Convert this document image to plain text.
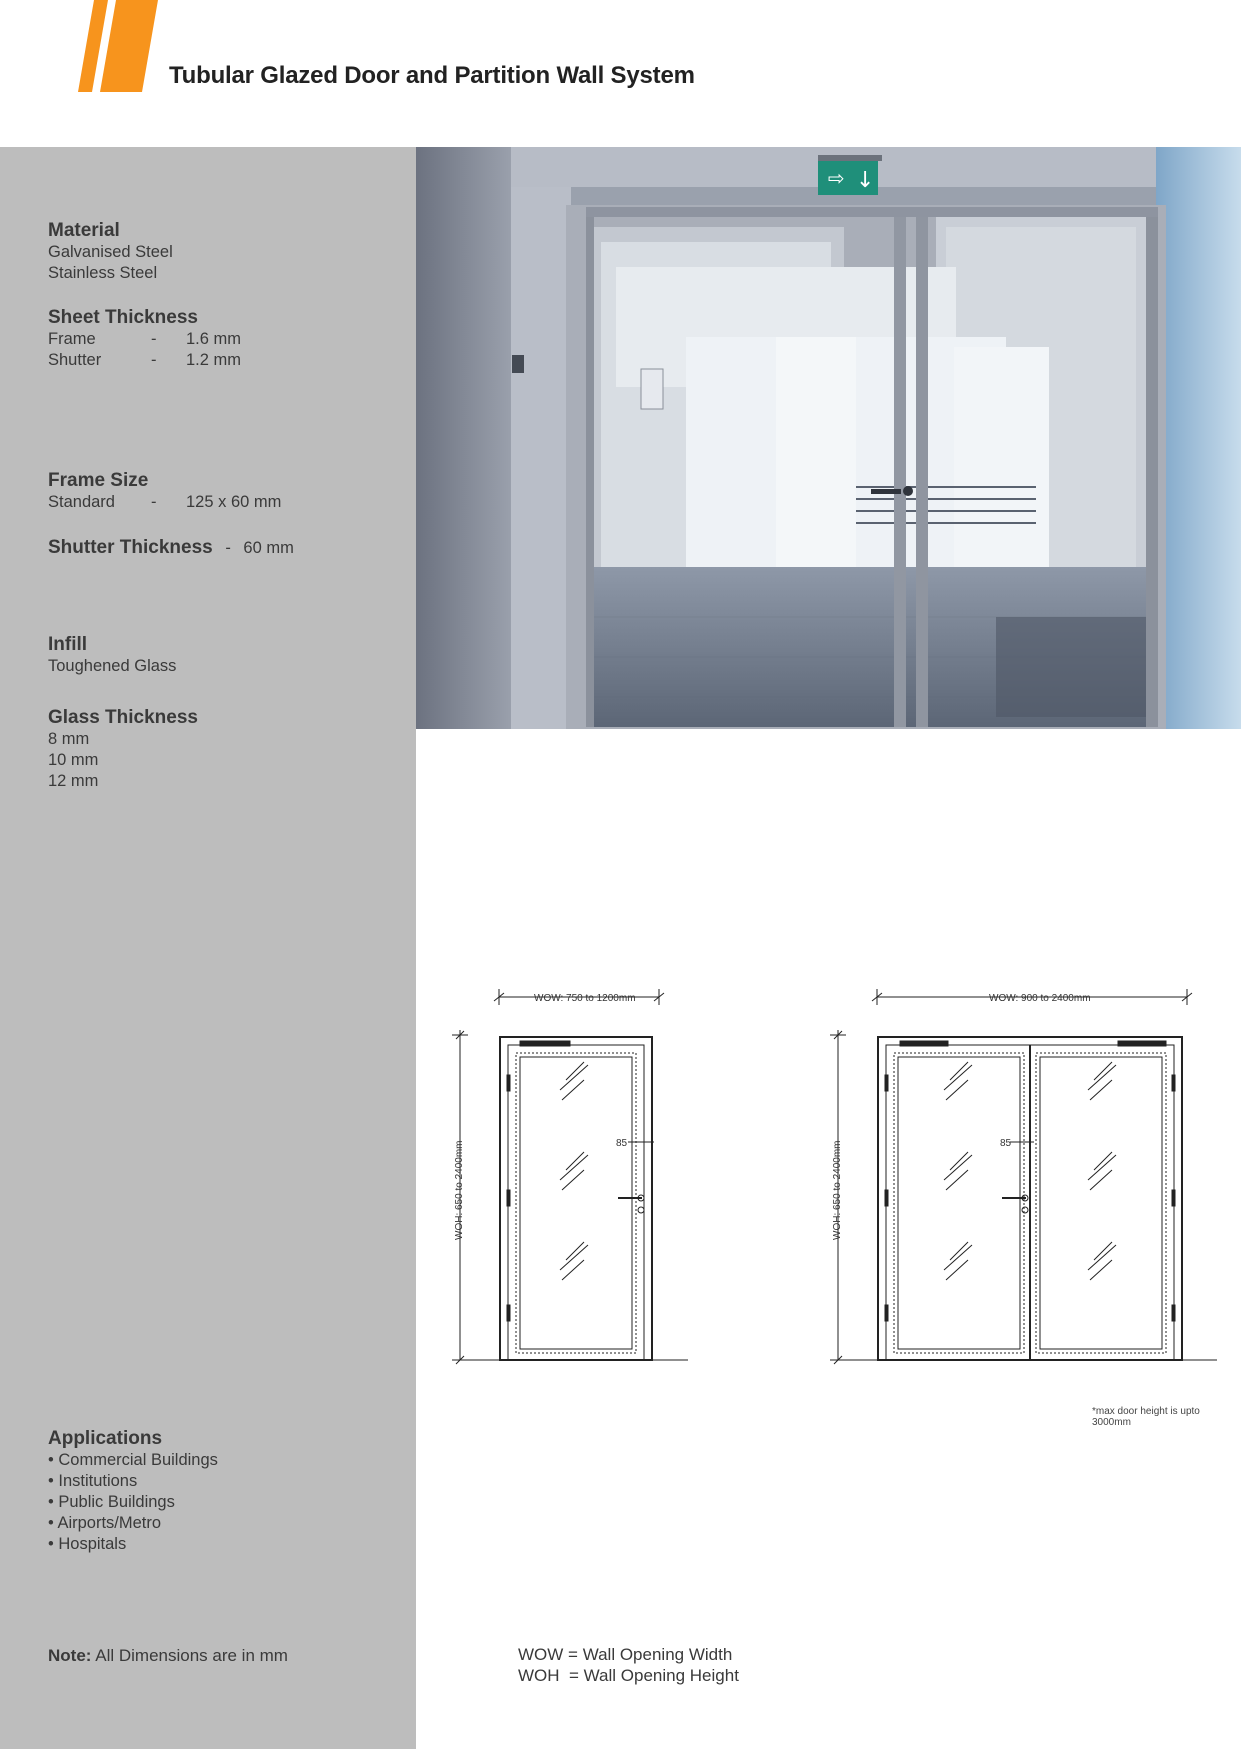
Tubular Glazed Door and Partition Wall System
Material
Galvanised Steel
Stainless Steel
Sheet Thickness
Frame	-	1.6 mm
Shutter	-	1.2 mm
Frame Size
Standard	-	125 x 60 mm
Shutter Thickness - 60 mm
Infill
Toughened Glass
Glass Thickness
8 mm
10 mm
12 mm
Applications
• Commercial Buildings
• Institutions
• Public Buildings
• Airports/Metro
• Hospitals
Note: All Dimensions are in mm
⇨ ↓
WOW: 750 to 1200mm
WOH: 650 to 2400mm	85
WOW: 900 to 2400mm
WOH: 650 to 2400mm	85
*max door height is upto 3000mm
WOW = Wall Opening Width
WOH  = Wall Opening Height
